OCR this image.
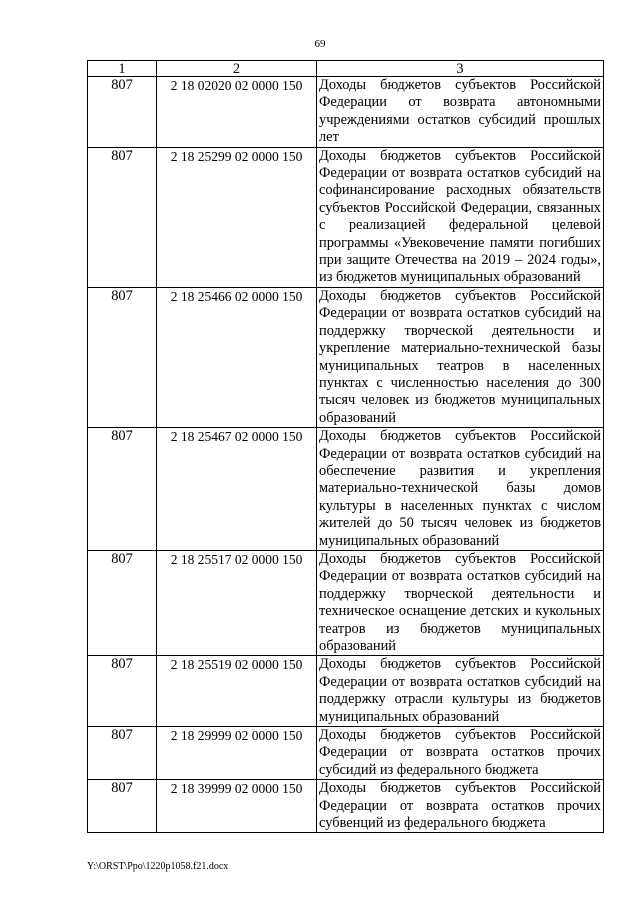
69
1	2	3
807	2 18 02020 02 0000 150	Доходы бюджетов субъектов Российской Федерации от возврата автономными учреждениями остатков субсидий прошлых лет
807	2 18 25299 02 0000 150	Доходы бюджетов субъектов Российской Федерации от возврата остатков субсидий на софинансирование расходных обязательств субъектов Российской Федерации, связанных с реализацией федеральной целевой программы «Увековечение памяти погибших при защите Отечества на 2019 – 2024 годы», из бюджетов муниципальных образований
807	2 18 25466 02 0000 150	Доходы бюджетов субъектов Российской Федерации от возврата остатков субсидий на поддержку творческой деятельности и укрепление материально-технической базы муниципальных театров в населенных пунктах с численностью населения до 300 тысяч человек из бюджетов муниципальных образований
807	2 18 25467 02 0000 150	Доходы бюджетов субъектов Российской Федерации от возврата остатков субсидий на обеспечение развития и укрепления материально-технической базы домов культуры в населенных пунктах с числом жителей до 50 тысяч человек из бюджетов муниципальных образований
807	2 18 25517 02 0000 150	Доходы бюджетов субъектов Российской Федерации от возврата остатков субсидий на поддержку творческой деятельности и техническое оснащение детских и кукольных театров из бюджетов муниципальных образований
807	2 18 25519 02 0000 150	Доходы бюджетов субъектов Российской Федерации от возврата остатков субсидий на поддержку отрасли культуры из бюджетов муниципальных образований
807	2 18 29999 02 0000 150	Доходы бюджетов субъектов Российской Федерации от возврата остатков прочих субсидий из федерального бюджета
807	2 18 39999 02 0000 150	Доходы бюджетов субъектов Российской Федерации от возврата остатков прочих субвенций из федерального бюджета
Y:\ORST\Ppo\1220p1058.f21.docx
